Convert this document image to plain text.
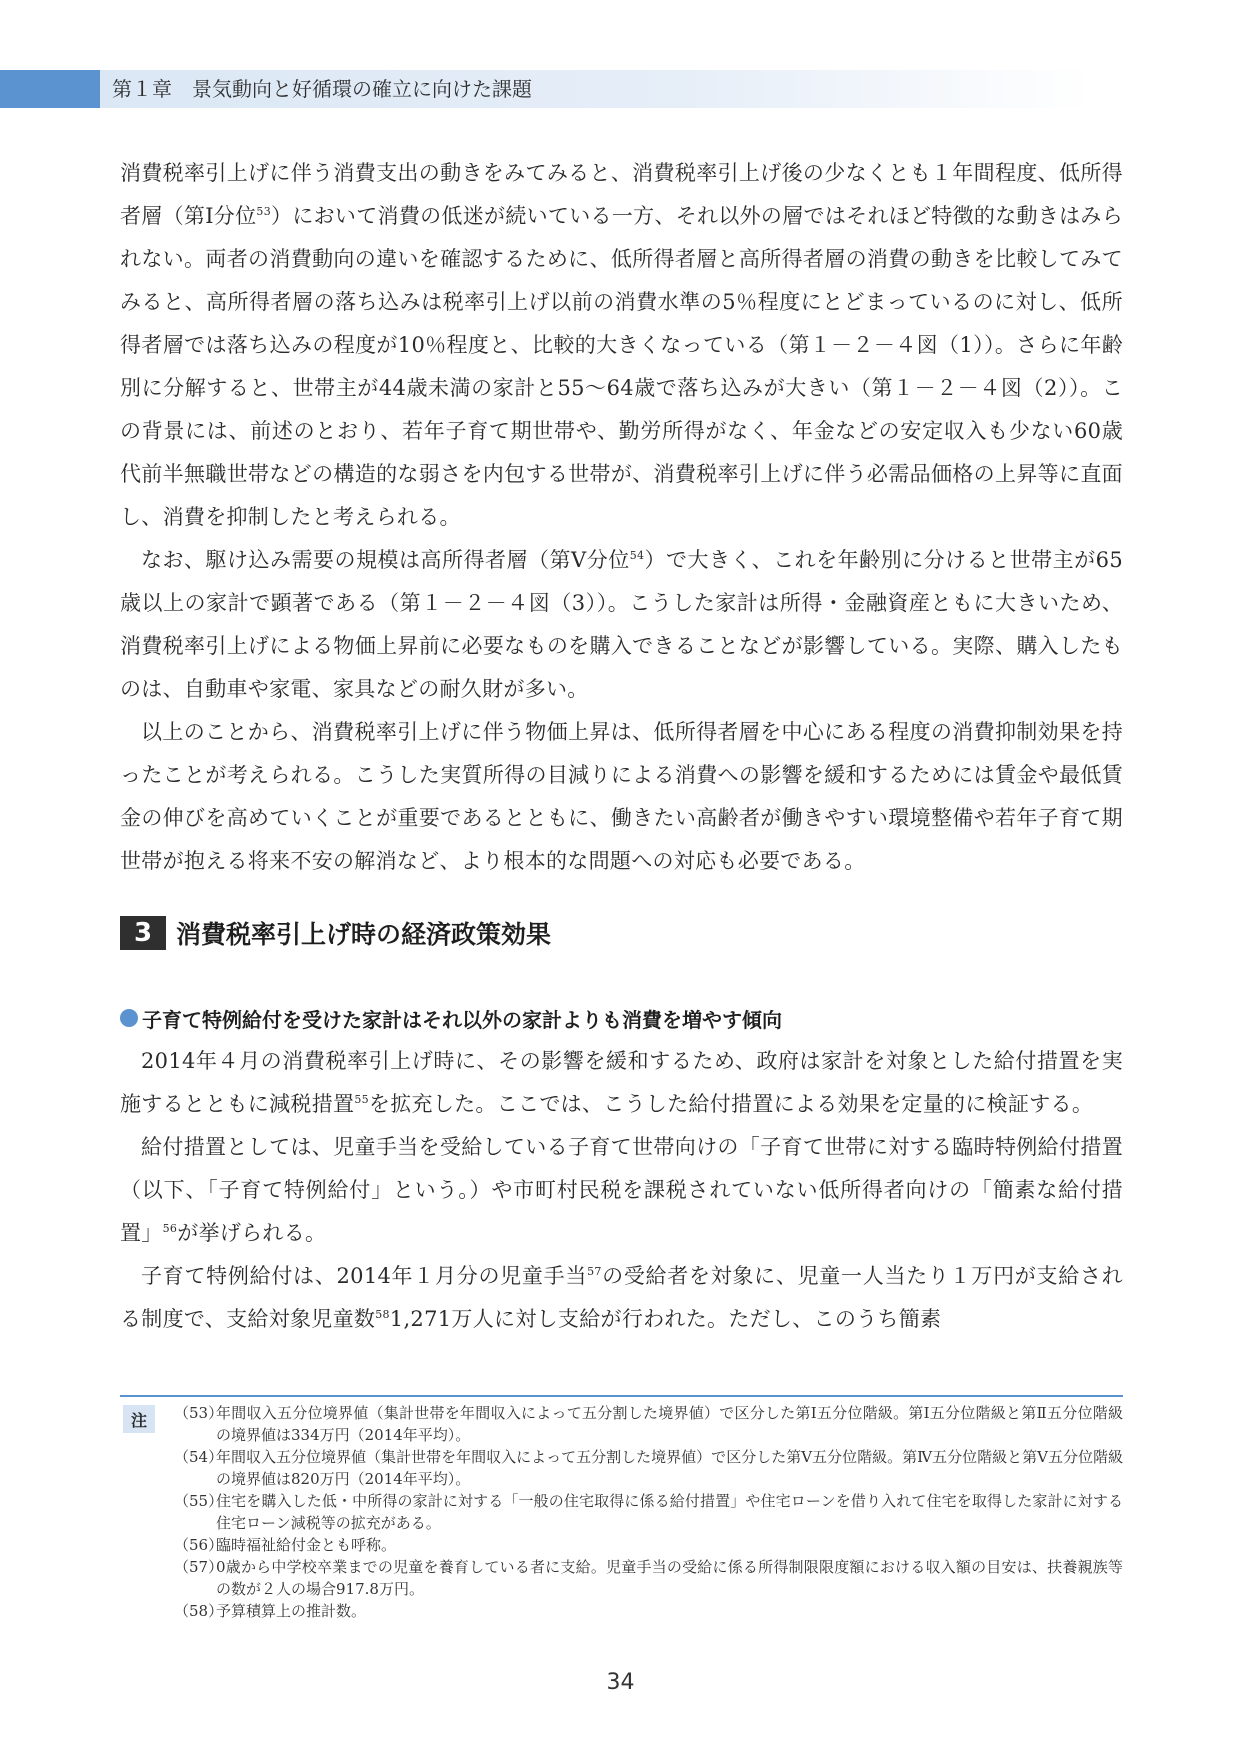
第１章　景気動向と好循環の確立に向けた課題

消費税率引上げに伴う消費支出の動きをみてみると、消費税率引上げ後の少なくとも１年間程度、低所得者層（第Ⅰ分位$^{53}$）において消費の低迷が続いている一方、それ以外の層ではそれほど特徴的な動きはみられない。両者の消費動向の違いを確認するために、低所得者層と高所得者層の消費の動きを比較してみてみると、高所得者層の落ち込みは税率引上げ以前の消費水準の5％程度にとどまっているのに対し、低所得者層では落ち込みの程度が10％程度と、比較的大きくなっている（第１－２－４図（1））。さらに年齢別に分解すると、世帯主が44歳未満の家計と55～64歳で落ち込みが大きい（第１－２－４図（2））。この背景には、前述のとおり、若年子育て期世帯や、勤労所得がなく、年金などの安定収入も少ない60歳代前半無職世帯などの構造的な弱さを内包する世帯が、消費税率引上げに伴う必需品価格の上昇等に直面し、消費を抑制したと考えられる。

なお、駆け込み需要の規模は高所得者層（第Ⅴ分位$^{54}$）で大きく、これを年齢別に分けると世帯主が65歳以上の家計で顕著である（第１－２－４図（3））。こうした家計は所得・金融資産ともに大きいため、消費税率引上げによる物価上昇前に必要なものを購入できることなどが影響している。実際、購入したものは、自動車や家電、家具などの耐久財が多い。

以上のことから、消費税率引上げに伴う物価上昇は、低所得者層を中心にある程度の消費抑制効果を持ったことが考えられる。こうした実質所得の目減りによる消費への影響を緩和するためには賃金や最低賃金の伸びを高めていくことが重要であるとともに、働きたい高齢者が働きやすい環境整備や若年子育て期世帯が抱える将来不安の解消など、より根本的な問題への対応も必要である。

3 消費税率引上げ時の経済政策効果
子育て特例給付を受けた家計はそれ以外の家計よりも消費を増やす傾向

2014年４月の消費税率引上げ時に、その影響を緩和するため、政府は家計を対象とした給付措置を実施するとともに減税措置$^{55}$を拡充した。ここでは、こうした給付措置による効果を定量的に検証する。

給付措置としては、児童手当を受給している子育て世帯向けの「子育て世帯に対する臨時特例給付措置（以下、「子育て特例給付」という。）や市町村民税を課税されていない低所得者向けの「簡素な給付措置」$^{56}$が挙げられる。

子育て特例給付は、2014年１月分の児童手当$^{57}$の受給者を対象に、児童一人当たり１万円が支給される制度で、支給対象児童数$^{58}$1,271万人に対し支給が行われた。ただし、このうち簡素

注	（53）
年間収入五分位境界値（集計世帯を年間収入によって五分割した境界値）で区分した第Ⅰ五分位階級。第Ⅰ五分位階級と第Ⅱ五分位階級の境界値は334万円（2014年平均）。
（54）
年間収入五分位境界値（集計世帯を年間収入によって五分割した境界値）で区分した第Ⅴ五分位階級。第Ⅳ五分位階級と第Ⅴ五分位階級の境界値は820万円（2014年平均）。
（55）
住宅を購入した低・中所得の家計に対する「一般の住宅取得に係る給付措置」や住宅ローンを借り入れて住宅を取得した家計に対する住宅ローン減税等の拡充がある。
（56）
臨時福祉給付金とも呼称。
（57）
0歳から中学校卒業までの児童を養育している者に支給。児童手当の受給に係る所得制限限度額における収入額の目安は、扶養親族等の数が２人の場合917.8万円。
（58）
予算積算上の推計数。
34
